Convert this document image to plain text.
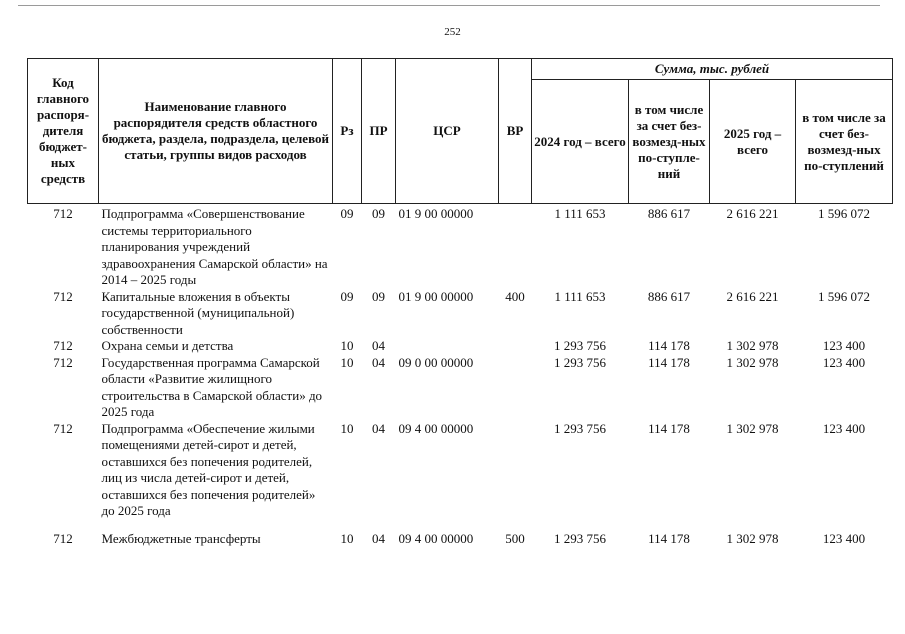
252
Код главного распоря-дителя бюджет-ных средств	Наименование главного распорядителя средств областного бюджета, раздела, подраздела, целевой статьи, группы видов расходов	Рз	ПР	ЦСР	ВР	Сумма, тыс. рублей			
						2024 год – всего	в том числе за счет без-возмезд-ных по-ступле-ний	2025 год – всего	в том числе за счет без-возмезд-ных по-ступлений
712	Подпрограмма «Совершенствование системы территориального планирования учреждений здравоохранения Самарской области» на 2014 – 2025 годы	09	09	01 9 00 00000		1 111 653	886 617	2 616 221	1 596 072
712	Капитальные вложения в объекты государственной (муниципальной) собственности	09	09	01 9 00 00000	400	1 111 653	886 617	2 616 221	1 596 072
712	Охрана семьи и детства	10	04			1 293 756	114 178	1 302 978	123 400
712	Государственная программа Самарской области «Развитие жилищного строительства в Самарской области» до 2025 года	10	04	09 0 00 00000		1 293 756	114 178	1 302 978	123 400
712	Подпрограмма «Обеспечение жилыми помещениями детей-сирот и детей, оставшихся без попечения родителей, лиц из числа детей-сирот и детей, оставшихся без попечения родителей» до 2025 года	10	04	09 4 00 00000		1 293 756	114 178	1 302 978	123 400
712	Межбюджетные трансферты	10	04	09 4 00 00000	500	1 293 756	114 178	1 302 978	123 400
